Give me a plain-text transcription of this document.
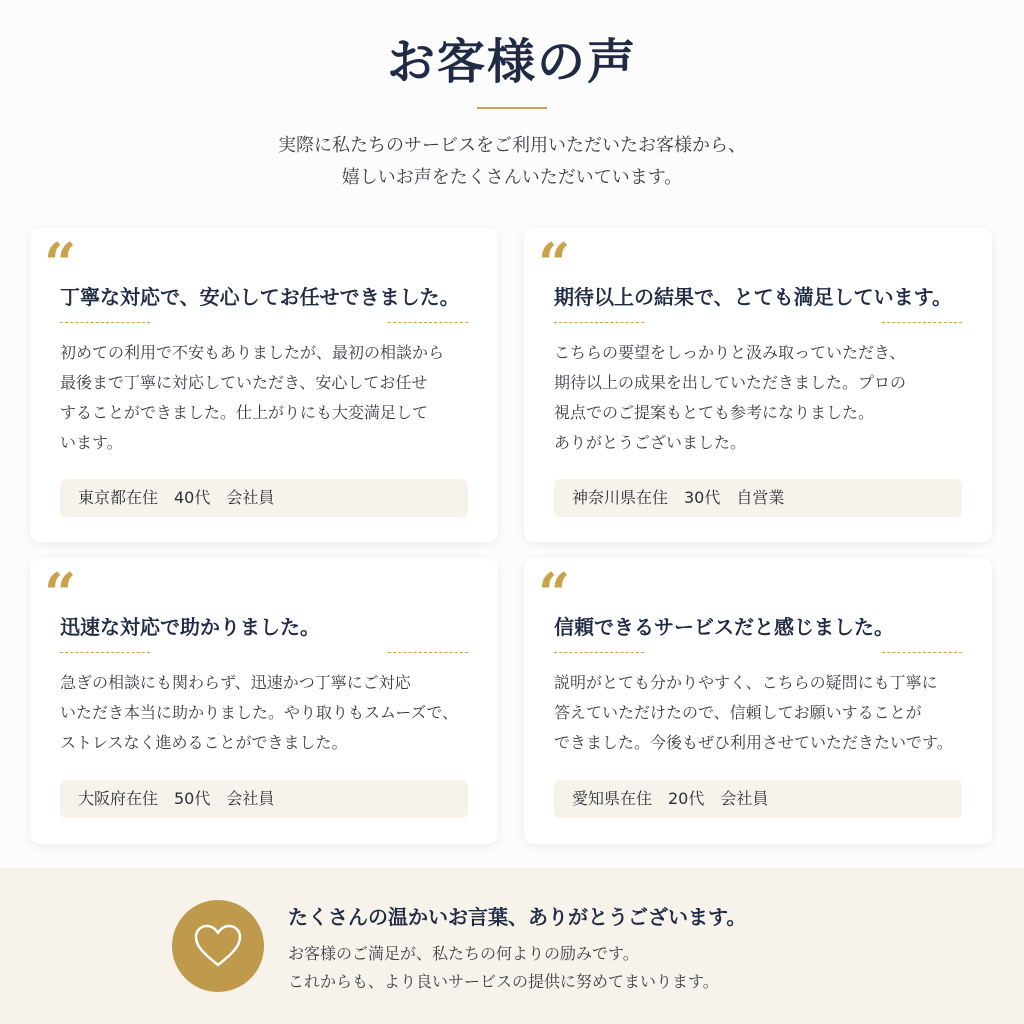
お客様の声

実際に私たちのサービスをご利用いただいたお客様から、

嬉しいお声をたくさんいただいています。

“
丁寧な対応で、安心してお任せできました。

初めての利用で不安もありましたが、最初の相談から

最後まで丁寧に対応していただき、安心してお任せ

することができました。仕上がりにも大変満足して

います。

東京都在住　40代　会社員
“
期待以上の結果で、とても満足しています。

こちらの要望をしっかりと汲み取っていただき、

期待以上の成果を出していただきました。プロの

視点でのご提案もとても参考になりました。

ありがとうございました。

神奈川県在住　30代　自営業
“
迅速な対応で助かりました。

急ぎの相談にも関わらず、迅速かつ丁寧にご対応

いただき本当に助かりました。やり取りもスムーズで、

ストレスなく進めることができました。

大阪府在住　50代　会社員
“
信頼できるサービスだと感じました。

説明がとても分かりやすく、こちらの疑問にも丁寧に

答えていただけたので、信頼してお願いすることが

できました。今後もぜひ利用させていただきたいです。

愛知県在住　20代　会社員
たくさんの温かいお言葉、ありがとうございます。

お客様のご満足が、私たちの何よりの励みです。

これからも、より良いサービスの提供に努めてまいります。
